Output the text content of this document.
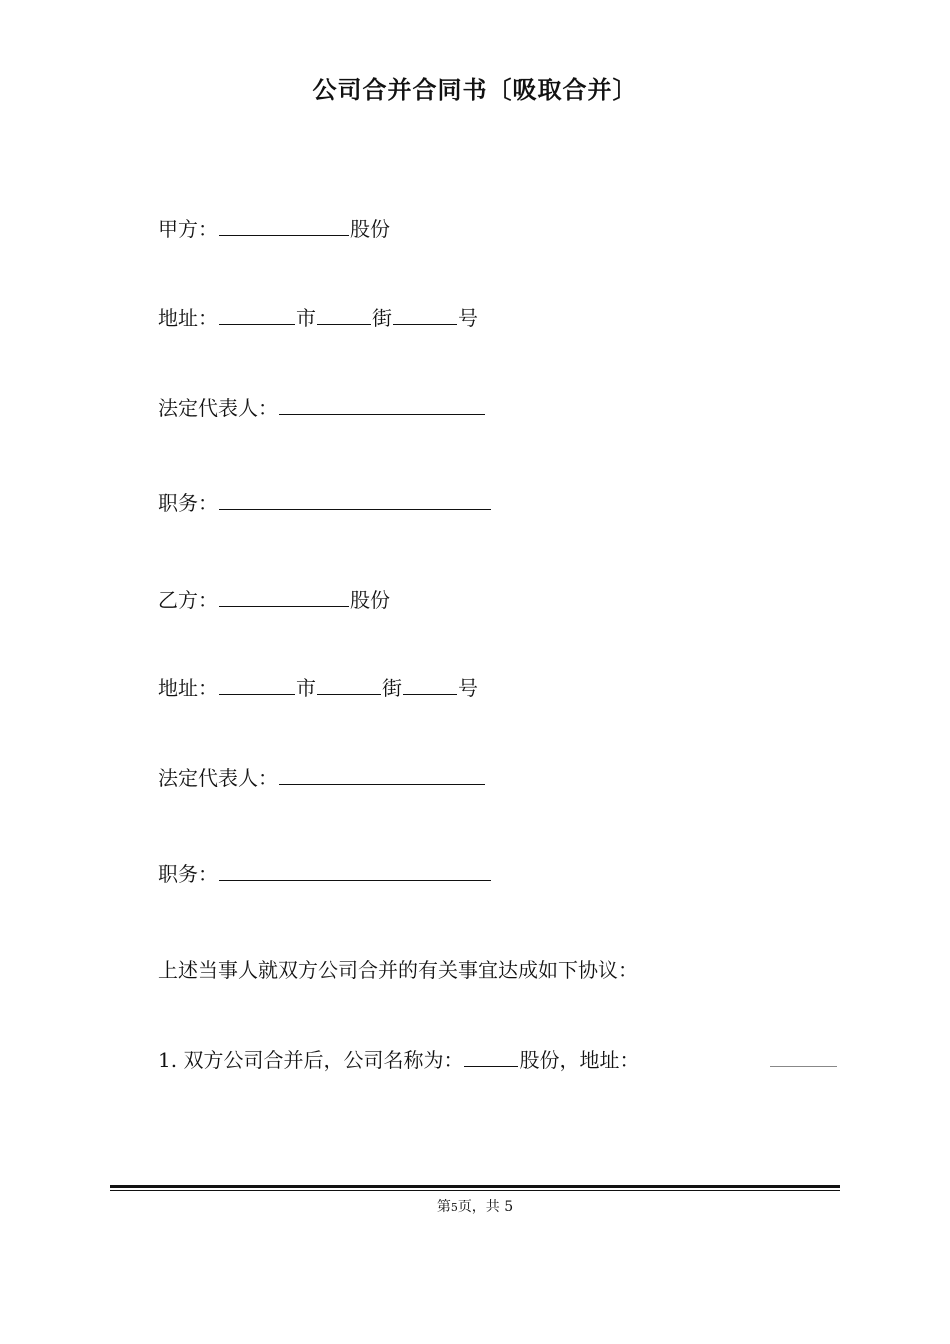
公司合并合同书〔吸取合并〕
甲方：	股份
地址：	市	街	号
法定代表人：
职务：
乙方：	股份
地址：	市	街	号
法定代表人：
职务：
上述当事人就双方公司合并的有关事宜达成如下协议：
1. 双方公司合并后，公司名称为：	股份，地址：
第5页，共 5
